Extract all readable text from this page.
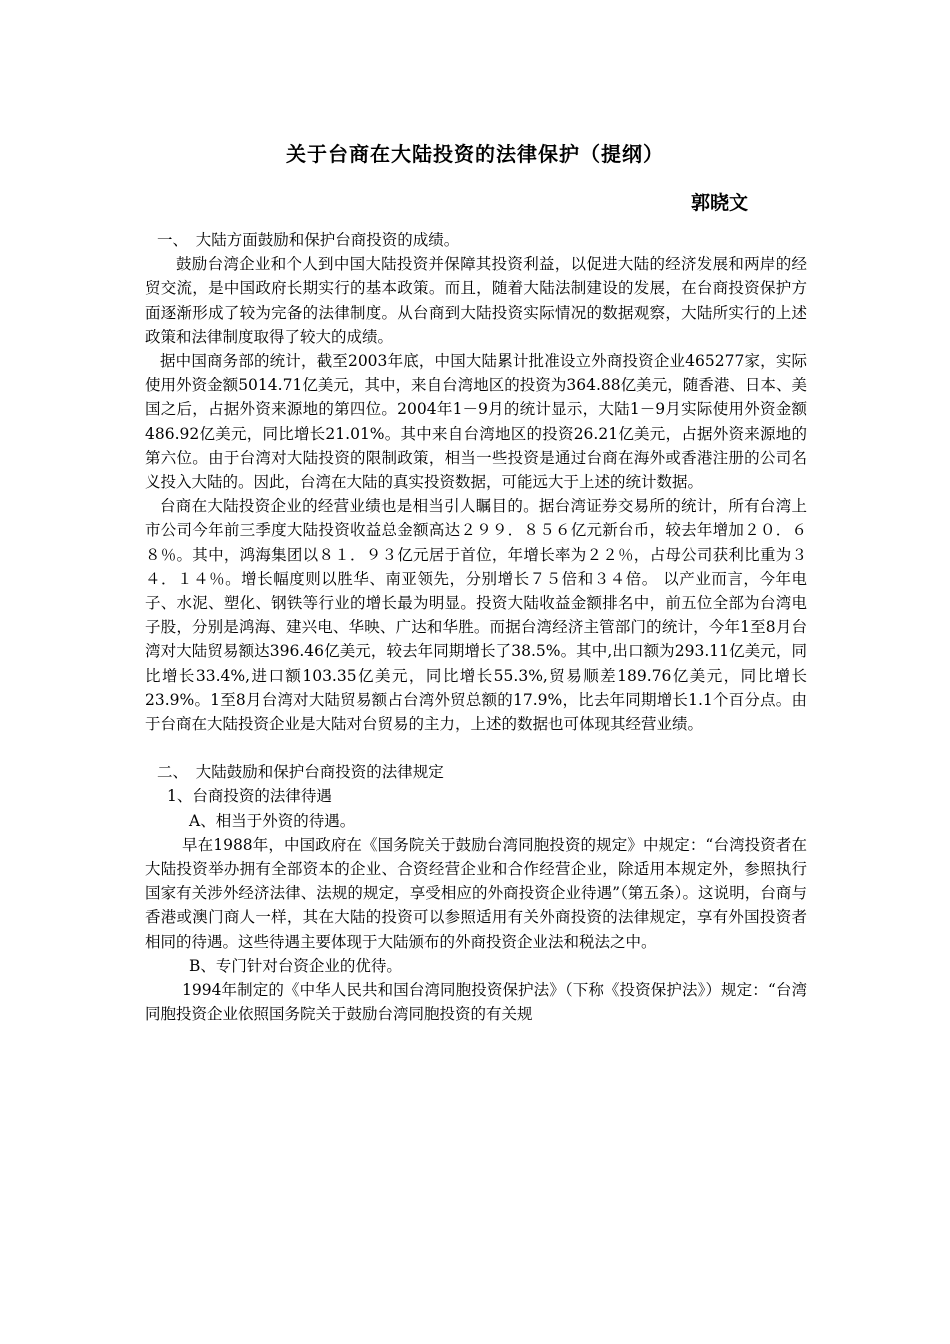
关于台商在大陆投资的法律保护（提纲）
郭晓文

一、　大陆方面鼓励和保护台商投资的成绩。

鼓励台湾企业和个人到中国大陆投资并保障其投资利益，以促进大陆的经济发展和两岸的经贸交流，是中国政府长期实行的基本政策。而且，随着大陆法制建设的发展，在台商投资保护方面逐渐形成了较为完备的法律制度。从台商到大陆投资实际情况的数据观察，大陆所实行的上述政策和法律制度取得了较大的成绩。

据中国商务部的统计，截至2003年底，中国大陆累计批准设立外商投资企业465277家，实际使用外资金额5014.71亿美元，其中，来自台湾地区的投资为364.88亿美元，随香港、日本、美国之后，占据外资来源地的第四位。2004年1－9月的统计显示，大陆1－9月实际使用外资金额486.92亿美元，同比增长21.01%。其中来自台湾地区的投资26.21亿美元，占据外资来源地的第六位。由于台湾对大陆投资的限制政策，相当一些投资是通过台商在海外或香港注册的公司名义投入大陆的。因此，台湾在大陆的真实投资数据，可能远大于上述的统计数据。

台商在大陆投资企业的经营业绩也是相当引人瞩目的。据台湾证券交易所的统计，所有台湾上市公司今年前三季度大陆投资收益总金额高达２９９．８５６亿元新台币，较去年增加２０．６８％。其中，鸿海集团以８１．９３亿元居于首位，年增长率为２２％，占母公司获利比重为３４．１４％。增长幅度则以胜华、南亚领先，分别增长７５倍和３４倍。 以产业而言，今年电子、水泥、塑化、钢铁等行业的增长最为明显。投资大陆收益金额排名中，前五位全部为台湾电子股，分别是鸿海、建兴电、华映、广达和华胜。而据台湾经济主管部门的统计，今年1至8月台湾对大陆贸易额达396.46亿美元，较去年同期增长了38.5%。其中,出口额为293.11亿美元，同比增长33.4%,进口额103.35亿美元，同比增长55.3%,贸易顺差189.76亿美元，同比增长23.9%。1至8月台湾对大陆贸易额占台湾外贸总额的17.9%，比去年同期增长1.1个百分点。由于台商在大陆投资企业是大陆对台贸易的主力，上述的数据也可体现其经营业绩。

二、　大陆鼓励和保护台商投资的法律规定

1、台商投资的法律待遇

A、相当于外资的待遇。

早在1988年，中国政府在《国务院关于鼓励台湾同胞投资的规定》中规定：“台湾投资者在大陆投资举办拥有全部资本的企业、合资经营企业和合作经营企业，除适用本规定外，参照执行国家有关涉外经济法律、法规的规定，享受相应的外商投资企业待遇”（第五条）。这说明，台商与香港或澳门商人一样，其在大陆的投资可以参照适用有关外商投资的法律规定，享有外国投资者相同的待遇。这些待遇主要体现于大陆颁布的外商投资企业法和税法之中。

B、专门针对台资企业的优待。

1994年制定的《中华人民共和国台湾同胞投资保护法》（下称《投资保护法》）规定：“台湾同胞投资企业依照国务院关于鼓励台湾同胞投资的有关规
